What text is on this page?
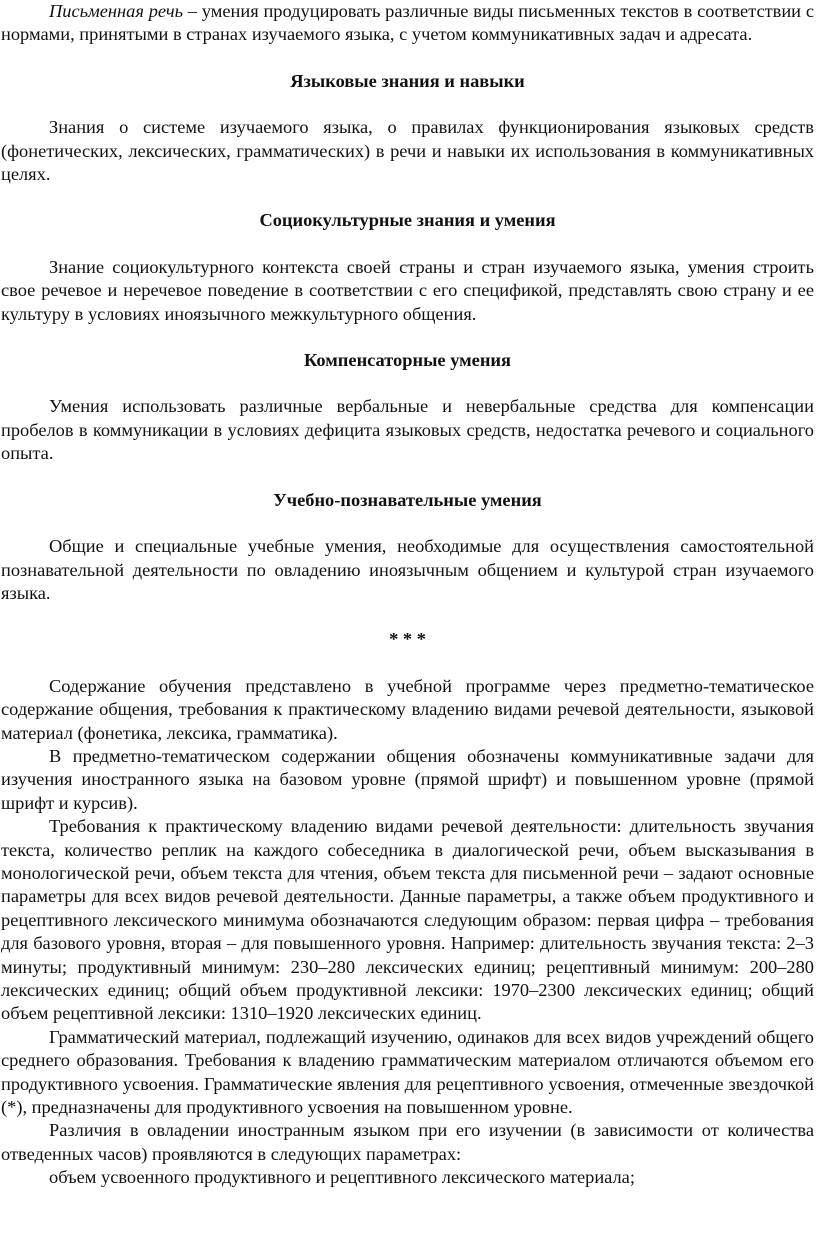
Письменная речь – умения продуцировать различные виды письменных текстов в соответствии с нормами, принятыми в странах изучаемого языка, с учетом коммуникативных задач и адресата.

Языковые знания и навыки

Знания о системе изучаемого языка, о правилах функционирования языковых средств (фонетических, лексических, грамматических) в речи и навыки их использования в коммуникативных целях.

Социокультурные знания и умения

Знание социокультурного контекста своей страны и стран изучаемого языка, умения строить свое речевое и неречевое поведение в соответствии с его спецификой, представлять свою страну и ее культуру в условиях иноязычного межкультурного общения.

Компенсаторные умения

Умения использовать различные вербальные и невербальные средства для компенсации пробелов в коммуникации в условиях дефицита языковых средств, недостатка речевого и социального опыта.

Учебно-познавательные умения

Общие и специальные учебные умения, необходимые для осуществления самостоятельной познавательной деятельности по овладению иноязычным общением и культурой стран изучаемого языка.

* * *

Содержание обучения представлено в учебной программе через предметно-тематическое содержание общения, требования к практическому владению видами речевой деятельности, языковой материал (фонетика, лексика, грамматика).

В предметно-тематическом содержании общения обозначены коммуникативные задачи для изучения иностранного языка на базовом уровне (прямой шрифт) и повышенном уровне (прямой шрифт и курсив).

Требования к практическому владению видами речевой деятельности: длительность звучания текста, количество реплик на каждого собеседника в диалогической речи, объем высказывания в монологической речи, объем текста для чтения, объем текста для письменной речи – задают основные параметры для всех видов речевой деятельности. Данные параметры, а также объем продуктивного и рецептивного лексического минимума обозначаются следующим образом: первая цифра – требования для базового уровня, вторая – для повышенного уровня. Например: длительность звучания текста: 2–3 минуты; продуктивный минимум: 230–280 лексических единиц; рецептивный минимум: 200–280 лексических единиц; общий объем продуктивной лексики: 1970–2300 лексических единиц; общий объем рецептивной лексики: 1310–1920 лексических единиц.

Грамматический материал, подлежащий изучению, одинаков для всех видов учреждений общего среднего образования. Требования к владению грамматическим материалом отличаются объемом его продуктивного усвоения. Грамматические явления для рецептивного усвоения, отмеченные звездочкой (*), предназначены для продуктивного усвоения на повышенном уровне.

Различия в овладении иностранным языком при его изучении (в зависимости от количества отведенных часов) проявляются в следующих параметрах:

объем усвоенного продуктивного и рецептивного лексического материала;
